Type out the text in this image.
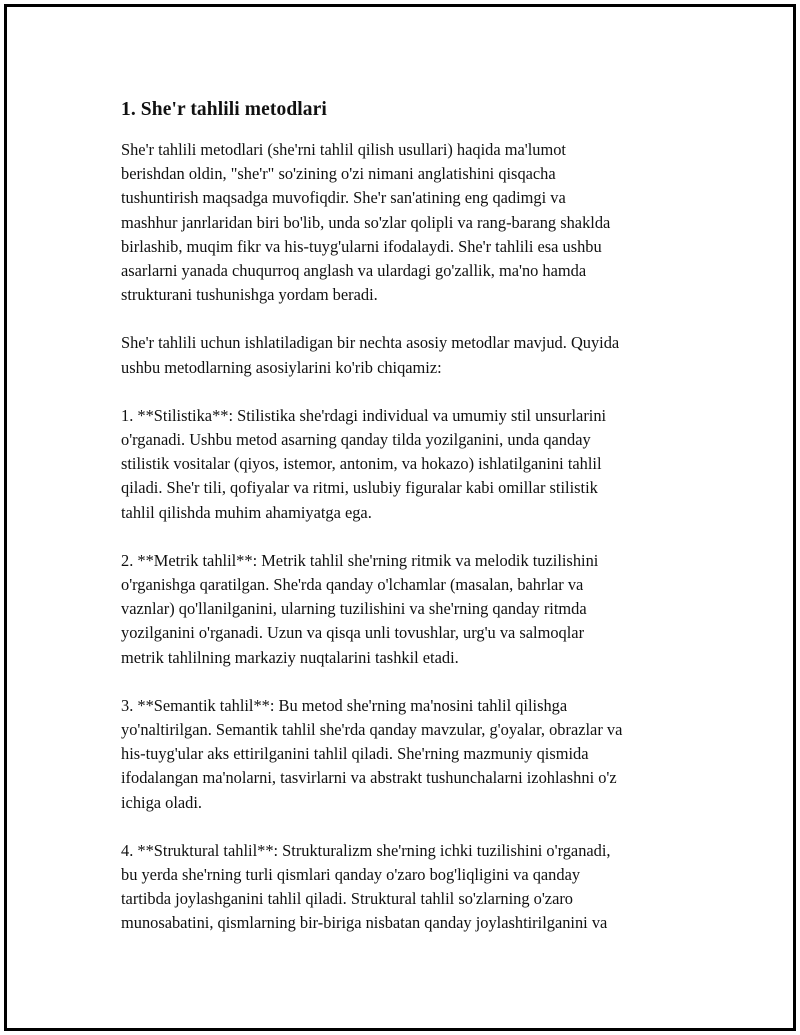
1. She'r tahlili metodlari

She'r tahlili metodlari (she'rni tahlil qilish usullari) haqida ma'lumot
berishdan oldin, "she'r" so'zining o'zi nimani anglatishini qisqacha
tushuntirish maqsadga muvofiqdir. She'r san'atining eng qadimgi va
mashhur janrlaridan biri bo'lib, unda so'zlar qolipli va rang-barang shaklda
birlashib, muqim fikr va his-tuyg'ularni ifodalaydi. She'r tahlili esa ushbu
asarlarni yanada chuqurroq anglash va ulardagi go'zallik, ma'no hamda
strukturani tushunishga yordam beradi.

She'r tahlili uchun ishlatiladigan bir nechta asosiy metodlar mavjud. Quyida
ushbu metodlarning asosiylarini ko'rib chiqamiz:

1. **Stilistika**: Stilistika she'rdagi individual va umumiy stil unsurlarini
o'rganadi. Ushbu metod asarning qanday tilda yozilganini, unda qanday
stilistik vositalar (qiyos, istemor, antonim, va hokazo) ishlatilganini tahlil
qiladi. She'r tili, qofiyalar va ritmi, uslubiy figuralar kabi omillar stilistik
tahlil qilishda muhim ahamiyatga ega.

2. **Metrik tahlil**: Metrik tahlil she'rning ritmik va melodik tuzilishini
o'rganishga qaratilgan. She'rda qanday o'lchamlar (masalan, bahrlar va
vaznlar) qo'llanilganini, ularning tuzilishini va she'rning qanday ritmda
yozilganini o'rganadi. Uzun va qisqa unli tovushlar, urg'u va salmoqlar
metrik tahlilning markaziy nuqtalarini tashkil etadi.

3. **Semantik tahlil**: Bu metod she'rning ma'nosini tahlil qilishga
yo'naltirilgan. Semantik tahlil she'rda qanday mavzular, g'oyalar, obrazlar va
his-tuyg'ular aks ettirilganini tahlil qiladi. She'rning mazmuniy qismida
ifodalangan ma'nolarni, tasvirlarni va abstrakt tushunchalarni izohlashni o'z
ichiga oladi.

4. **Struktural tahlil**: Strukturalizm she'rning ichki tuzilishini o'rganadi,
bu yerda she'rning turli qismlari qanday o'zaro bog'liqligini va qanday
tartibda joylashganini tahlil qiladi. Struktural tahlil so'zlarning o'zaro
munosabatini, qismlarning bir-biriga nisbatan qanday joylashtirilganini va
